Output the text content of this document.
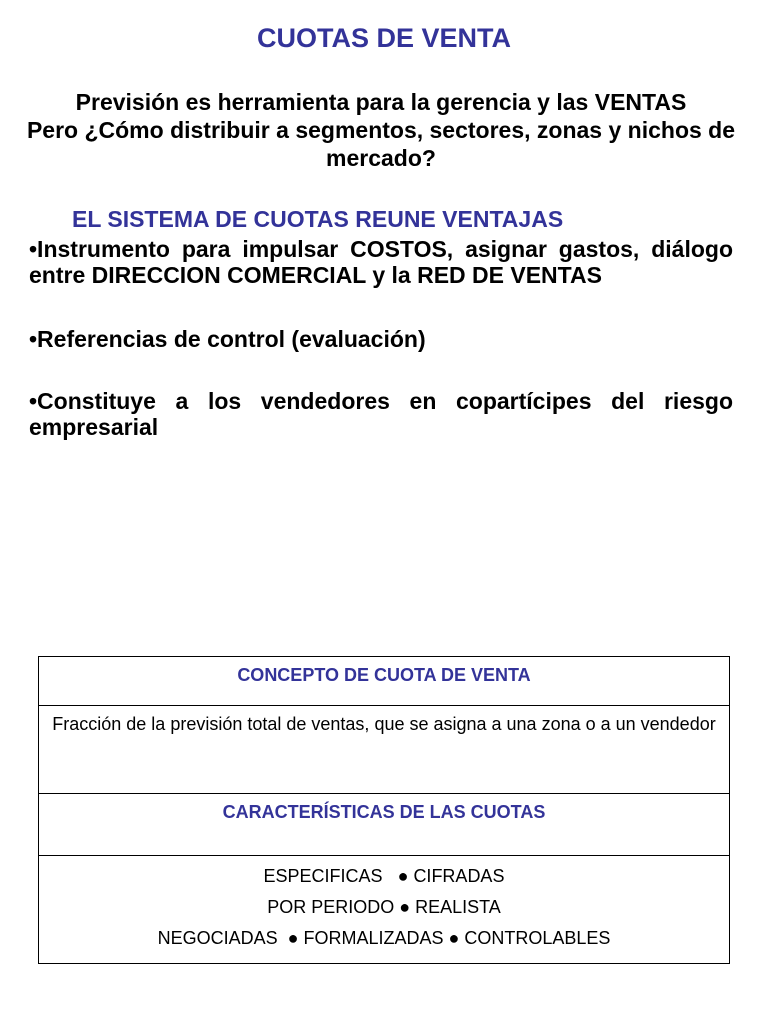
CUOTAS DE VENTA
Previsión es herramienta para la gerencia y las VENTAS
Pero ¿Cómo distribuir a segmentos, sectores, zonas y nichos de mercado?
EL SISTEMA DE CUOTAS REUNE VENTAJAS
•Instrumento para impulsar COSTOS, asignar gastos, diálogo entre DIRECCION COMERCIAL y la RED DE VENTAS
•Referencias de control (evaluación)
•Constituye a los vendedores en copartícipes del riesgo empresarial
CONCEPTO DE CUOTA DE VENTA
Fracción de la previsión total de ventas, que se asigna a una zona o a un vendedor
CARACTERÍSTICAS DE LAS CUOTAS

ESPECIFICAS   ● CIFRADAS
POR PERIODO ● REALISTA
NEGOCIADAS  ● FORMALIZADAS ● CONTROLABLES
